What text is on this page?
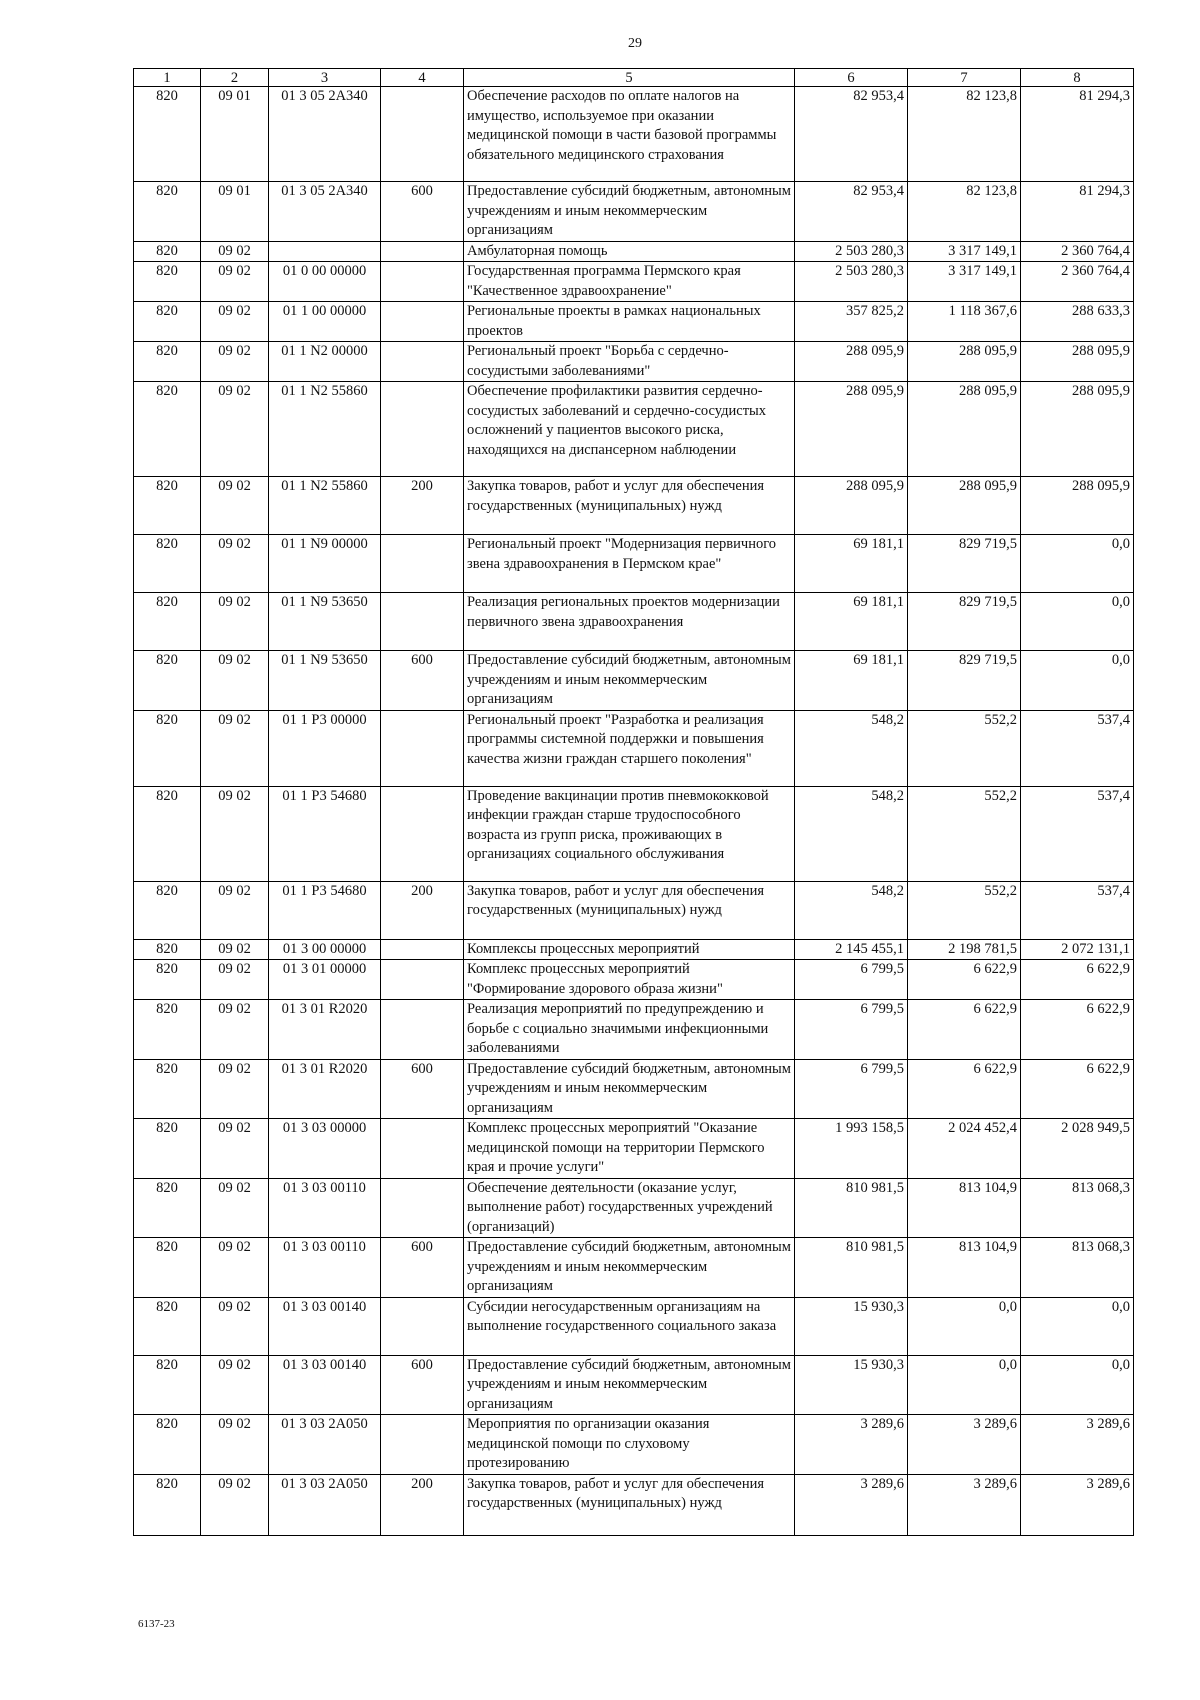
29
1	2	3	4	5	6	7	8
820	09 01	01 3 05 2А340		Обеспечение расходов по оплате налогов на имущество, используемое при оказании медицинской помощи в части базовой программы обязательного медицинского страхования	82 953,4	82 123,8	81 294,3
820	09 01	01 3 05 2А340	600	Предоставление субсидий бюджетным, автономным учреждениям и иным некоммерческим организациям	82 953,4	82 123,8	81 294,3
820	09 02			Амбулаторная помощь	2 503 280,3	3 317 149,1	2 360 764,4
820	09 02	01 0 00 00000		Государственная программа Пермского края "Качественное здравоохранение"	2 503 280,3	3 317 149,1	2 360 764,4
820	09 02	01 1 00 00000		Региональные проекты в рамках национальных проектов	357 825,2	1 118 367,6	288 633,3
820	09 02	01 1 N2 00000		Региональный проект "Борьба с сердечно-сосудистыми заболеваниями"	288 095,9	288 095,9	288 095,9
820	09 02	01 1 N2 55860		Обеспечение профилактики развития сердечно-сосудистых заболеваний и сердечно-сосудистых осложнений у пациентов высокого риска, находящихся на диспансерном наблюдении	288 095,9	288 095,9	288 095,9
820	09 02	01 1 N2 55860	200	Закупка товаров, работ и услуг для обеспечения государственных (муниципальных) нужд	288 095,9	288 095,9	288 095,9
820	09 02	01 1 N9 00000		Региональный проект "Модернизация первичного звена здравоохранения в Пермском крае"	69 181,1	829 719,5	0,0
820	09 02	01 1 N9 53650		Реализация региональных проектов модернизации первичного звена здравоохранения	69 181,1	829 719,5	0,0
820	09 02	01 1 N9 53650	600	Предоставление субсидий бюджетным, автономным учреждениям и иным некоммерческим организациям	69 181,1	829 719,5	0,0
820	09 02	01 1 Р3 00000		Региональный проект "Разработка и реализация программы системной поддержки и повышения качества жизни граждан старшего поколения"	548,2	552,2	537,4
820	09 02	01 1 Р3 54680		Проведение вакцинации против пневмококковой инфекции граждан старше трудоспособного возраста из групп риска, проживающих в организациях социального обслуживания	548,2	552,2	537,4
820	09 02	01 1 Р3 54680	200	Закупка товаров, работ и услуг для обеспечения государственных (муниципальных) нужд	548,2	552,2	537,4
820	09 02	01 3 00 00000		Комплексы процессных мероприятий	2 145 455,1	2 198 781,5	2 072 131,1
820	09 02	01 3 01 00000		Комплекс процессных мероприятий "Формирование здорового образа жизни"	6 799,5	6 622,9	6 622,9
820	09 02	01 3 01 R2020		Реализация мероприятий по предупреждению и борьбе с социально значимыми инфекционными заболеваниями	6 799,5	6 622,9	6 622,9
820	09 02	01 3 01 R2020	600	Предоставление субсидий бюджетным, автономным учреждениям и иным некоммерческим организациям	6 799,5	6 622,9	6 622,9
820	09 02	01 3 03 00000		Комплекс процессных мероприятий "Оказание медицинской помощи на территории Пермского края и прочие услуги"	1 993 158,5	2 024 452,4	2 028 949,5
820	09 02	01 3 03 00110		Обеспечение деятельности (оказание услуг, выполнение работ) государственных учреждений (организаций)	810 981,5	813 104,9	813 068,3
820	09 02	01 3 03 00110	600	Предоставление субсидий бюджетным, автономным учреждениям и иным некоммерческим организациям	810 981,5	813 104,9	813 068,3
820	09 02	01 3 03 00140		Субсидии негосударственным организациям на выполнение государственного социального заказа	15 930,3	0,0	0,0
820	09 02	01 3 03 00140	600	Предоставление субсидий бюджетным, автономным учреждениям и иным некоммерческим организациям	15 930,3	0,0	0,0
820	09 02	01 3 03 2А050		Мероприятия по организации оказания медицинской помощи по слуховому протезированию	3 289,6	3 289,6	3 289,6
820	09 02	01 3 03 2А050	200	Закупка товаров, работ и услуг для обеспечения государственных (муниципальных) нужд	3 289,6	3 289,6	3 289,6
6137-23
